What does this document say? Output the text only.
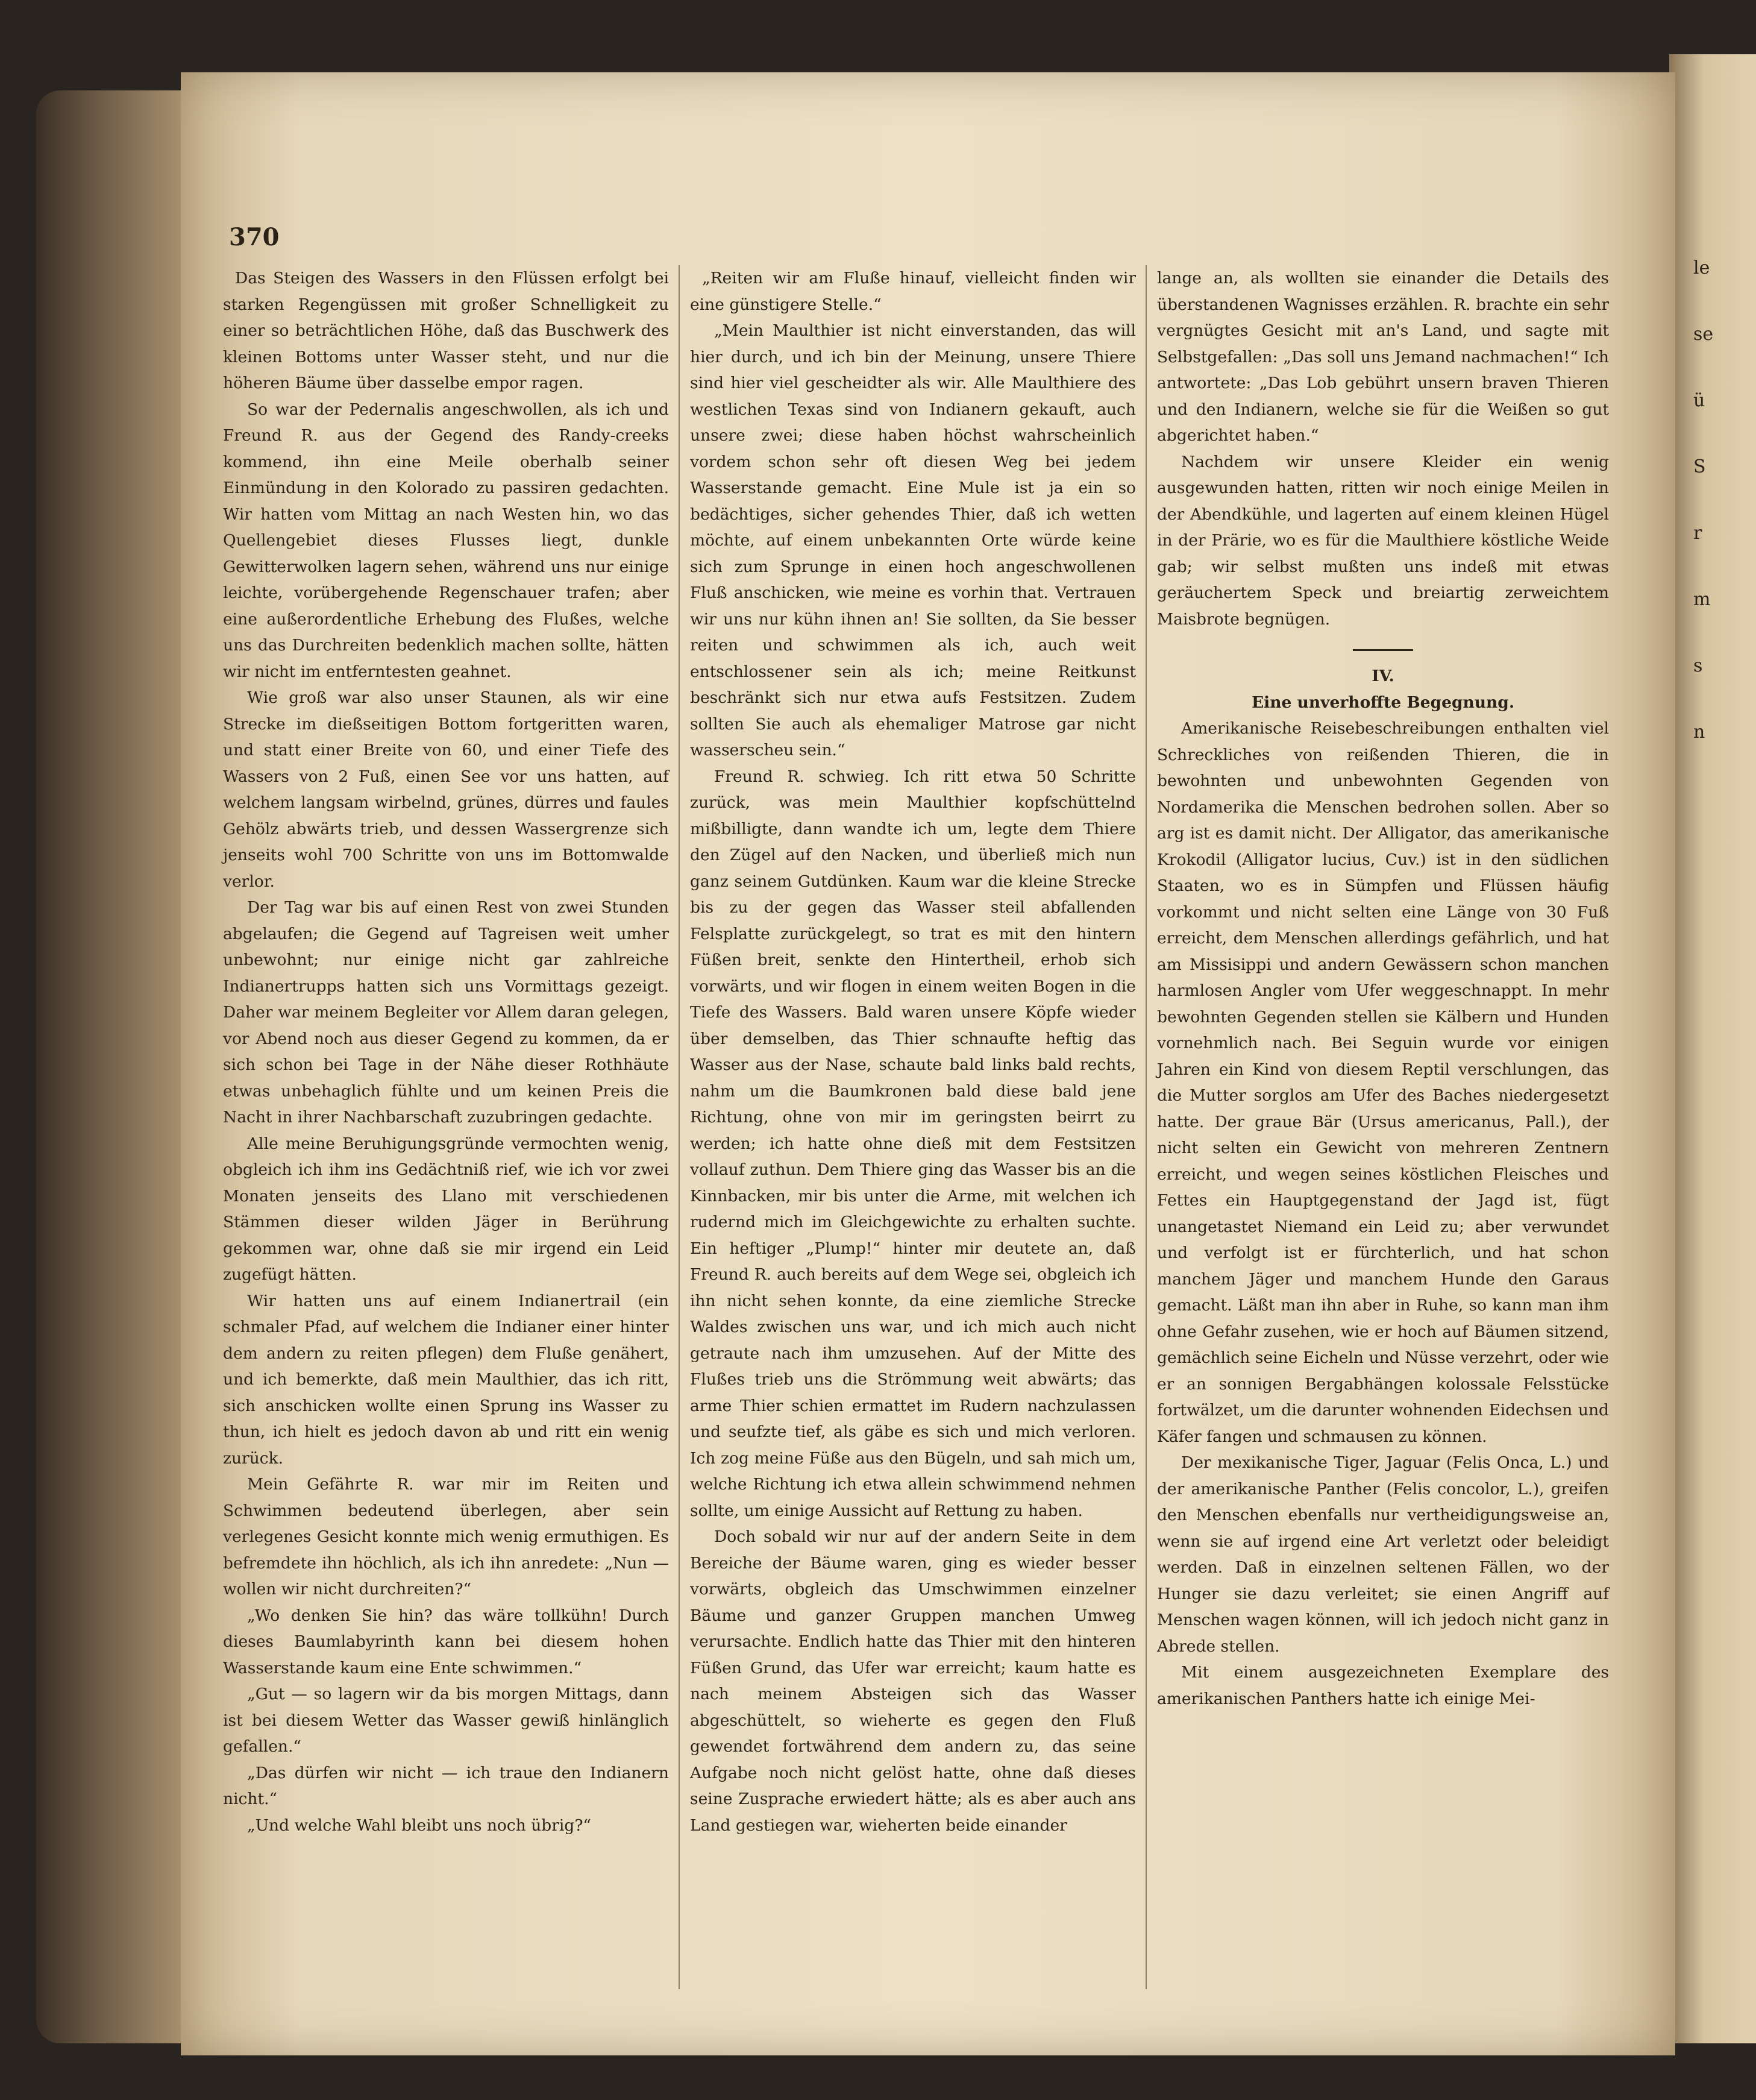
le
se
ü
S
r
m
s
n
370

Das Steigen des Wassers in den Flüssen erfolgt bei starken Regengüssen mit großer Schnelligkeit zu einer so beträchtlichen Höhe, daß das Buschwerk des kleinen Bottoms unter Wasser steht, und nur die höheren Bäume über dasselbe empor ragen.

So war der Pedernalis angeschwollen, als ich und Freund R. aus der Gegend des Randy-creeks kommend, ihn eine Meile oberhalb seiner Einmündung in den Kolorado zu passiren gedachten. Wir hatten vom Mittag an nach Westen hin, wo das Quellengebiet dieses Flusses liegt, dunkle Gewitterwolken lagern sehen, während uns nur einige leichte, vorübergehende Regenschauer trafen; aber eine außerordentliche Erhebung des Flußes, welche uns das Durchreiten bedenklich machen sollte, hätten wir nicht im entferntesten geahnet.

Wie groß war also unser Staunen, als wir eine Strecke im dießseitigen Bottom fortgeritten waren, und statt einer Breite von 60, und einer Tiefe des Wassers von 2 Fuß, einen See vor uns hatten, auf welchem langsam wirbelnd, grünes, dürres und faules Gehölz abwärts trieb, und dessen Wassergrenze sich jenseits wohl 700 Schritte von uns im Bottomwalde verlor.

Der Tag war bis auf einen Rest von zwei Stunden abgelaufen; die Gegend auf Tagreisen weit umher unbewohnt; nur einige nicht gar zahlreiche Indianertrupps hatten sich uns Vormittags gezeigt. Daher war meinem Begleiter vor Allem daran gelegen, vor Abend noch aus dieser Gegend zu kommen, da er sich schon bei Tage in der Nähe dieser Rothhäute etwas unbehaglich fühlte und um keinen Preis die Nacht in ihrer Nachbarschaft zuzubringen gedachte.

Alle meine Beruhigungsgründe vermochten wenig, obgleich ich ihm ins Gedächtniß rief, wie ich vor zwei Monaten jenseits des Llano mit verschiedenen Stämmen dieser wilden Jäger in Berührung gekommen war, ohne daß sie mir irgend ein Leid zugefügt hätten.

Wir hatten uns auf einem Indianertrail (ein schmaler Pfad, auf welchem die Indianer einer hinter dem andern zu reiten pflegen) dem Fluße genähert, und ich bemerkte, daß mein Maulthier, das ich ritt, sich anschicken wollte einen Sprung ins Wasser zu thun, ich hielt es jedoch davon ab und ritt ein wenig zurück.

Mein Gefährte R. war mir im Reiten und Schwimmen bedeutend überlegen, aber sein verlegenes Gesicht konnte mich wenig ermuthigen. Es befremdete ihn höchlich, als ich ihn anredete: „Nun — wollen wir nicht durchreiten?“

„Wo denken Sie hin? das wäre tollkühn! Durch dieses Baumlabyrinth kann bei diesem hohen Wasserstande kaum eine Ente schwimmen.“

„Gut — so lagern wir da bis morgen Mittags, dann ist bei diesem Wetter das Wasser gewiß hinlänglich gefallen.“

„Das dürfen wir nicht — ich traue den Indianern nicht.“

„Und welche Wahl bleibt uns noch übrig?“

„Reiten wir am Fluße hinauf, vielleicht finden wir eine günstigere Stelle.“

„Mein Maulthier ist nicht einverstanden, das will hier durch, und ich bin der Meinung, unsere Thiere sind hier viel gescheidter als wir. Alle Maulthiere des westlichen Texas sind von Indianern gekauft, auch unsere zwei; diese haben höchst wahrscheinlich vordem schon sehr oft diesen Weg bei jedem Wasserstande gemacht. Eine Mule ist ja ein so bedächtiges, sicher gehendes Thier, daß ich wetten möchte, auf einem unbekannten Orte würde keine sich zum Sprunge in einen hoch angeschwollenen Fluß anschicken, wie meine es vorhin that. Vertrauen wir uns nur kühn ihnen an! Sie sollten, da Sie besser reiten und schwimmen als ich, auch weit entschlossener sein als ich; meine Reitkunst beschränkt sich nur etwa aufs Festsitzen. Zudem sollten Sie auch als ehemaliger Matrose gar nicht wasserscheu sein.“

Freund R. schwieg. Ich ritt etwa 50 Schritte zurück, was mein Maulthier kopfschüttelnd mißbilligte, dann wandte ich um, legte dem Thiere den Zügel auf den Nacken, und überließ mich nun ganz seinem Gutdünken. Kaum war die kleine Strecke bis zu der gegen das Wasser steil abfallenden Felsplatte zurückgelegt, so trat es mit den hintern Füßen breit, senkte den Hintertheil, erhob sich vorwärts, und wir flogen in einem weiten Bogen in die Tiefe des Wassers. Bald waren unsere Köpfe wieder über demselben, das Thier schnaufte heftig das Wasser aus der Nase, schaute bald links bald rechts, nahm um die Baumkronen bald diese bald jene Richtung, ohne von mir im geringsten beirrt zu werden; ich hatte ohne dieß mit dem Festsitzen vollauf zuthun. Dem Thiere ging das Wasser bis an die Kinnbacken, mir bis unter die Arme, mit welchen ich rudernd mich im Gleichgewichte zu erhalten suchte. Ein heftiger „Plump!“ hinter mir deutete an, daß Freund R. auch bereits auf dem Wege sei, obgleich ich ihn nicht sehen konnte, da eine ziemliche Strecke Waldes zwischen uns war, und ich mich auch nicht getraute nach ihm umzusehen. Auf der Mitte des Flußes trieb uns die Strömmung weit abwärts; das arme Thier schien ermattet im Rudern nachzulassen und seufzte tief, als gäbe es sich und mich verloren. Ich zog meine Füße aus den Bügeln, und sah mich um, welche Richtung ich etwa allein schwimmend nehmen sollte, um einige Aussicht auf Rettung zu haben.

Doch sobald wir nur auf der andern Seite in dem Bereiche der Bäume waren, ging es wieder besser vorwärts, obgleich das Umschwimmen einzelner Bäume und ganzer Gruppen manchen Umweg verursachte. Endlich hatte das Thier mit den hinteren Füßen Grund, das Ufer war erreicht; kaum hatte es nach meinem Absteigen sich das Wasser abgeschüttelt, so wieherte es gegen den Fluß gewendet fortwährend dem andern zu, das seine Aufgabe noch nicht gelöst hatte, ohne daß dieses seine Zusprache erwiedert hätte; als es aber auch ans Land gestiegen war, wieherten beide einander

lange an, als wollten sie einander die Details des überstandenen Wagnisses erzählen. R. brachte ein sehr vergnügtes Gesicht mit an's Land, und sagte mit Selbstgefallen: „Das soll uns Jemand nachmachen!“ Ich antwortete: „Das Lob gebührt unsern braven Thieren und den Indianern, welche sie für die Weißen so gut abgerichtet haben.“

Nachdem wir unsere Kleider ein wenig ausgewunden hatten, ritten wir noch einige Meilen in der Abendkühle, und lagerten auf einem kleinen Hügel in der Prärie, wo es für die Maulthiere köstliche Weide gab; wir selbst mußten uns indeß mit etwas geräuchertem Speck und breiartig zerweichtem Maisbrote begnügen.

IV.

Eine unverhoffte Begegnung.

Amerikanische Reisebeschreibungen enthalten viel Schreckliches von reißenden Thieren, die in bewohnten und unbewohnten Gegenden von Nordamerika die Menschen bedrohen sollen. Aber so arg ist es damit nicht. Der Alligator, das amerikanische Krokodil (Alligator lucius, Cuv.) ist in den südlichen Staaten, wo es in Sümpfen und Flüssen häufig vorkommt und nicht selten eine Länge von 30 Fuß erreicht, dem Menschen allerdings gefährlich, und hat am Missisippi und andern Gewässern schon manchen harmlosen Angler vom Ufer weggeschnappt. In mehr bewohnten Gegenden stellen sie Kälbern und Hunden vornehmlich nach. Bei Seguin wurde vor einigen Jahren ein Kind von diesem Reptil verschlungen, das die Mutter sorglos am Ufer des Baches niedergesetzt hatte. Der graue Bär (Ursus americanus, Pall.), der nicht selten ein Gewicht von mehreren Zentnern erreicht, und wegen seines köstlichen Fleisches und Fettes ein Hauptgegenstand der Jagd ist, fügt unangetastet Niemand ein Leid zu; aber verwundet und verfolgt ist er fürchterlich, und hat schon manchem Jäger und manchem Hunde den Garaus gemacht. Läßt man ihn aber in Ruhe, so kann man ihm ohne Gefahr zusehen, wie er hoch auf Bäumen sitzend, gemächlich seine Eicheln und Nüsse verzehrt, oder wie er an sonnigen Bergabhängen kolossale Felsstücke fortwälzet, um die darunter wohnenden Eidechsen und Käfer fangen und schmausen zu können.

Der mexikanische Tiger, Jaguar (Felis Onca, L.) und der amerikanische Panther (Felis concolor, L.), greifen den Menschen ebenfalls nur vertheidigungsweise an, wenn sie auf irgend eine Art verletzt oder beleidigt werden. Daß in einzelnen seltenen Fällen, wo der Hunger sie dazu verleitet; sie einen Angriff auf Menschen wagen können, will ich jedoch nicht ganz in Abrede stellen.

Mit einem ausgezeichneten Exemplare des amerikanischen Panthers hatte ich einige Mei-
